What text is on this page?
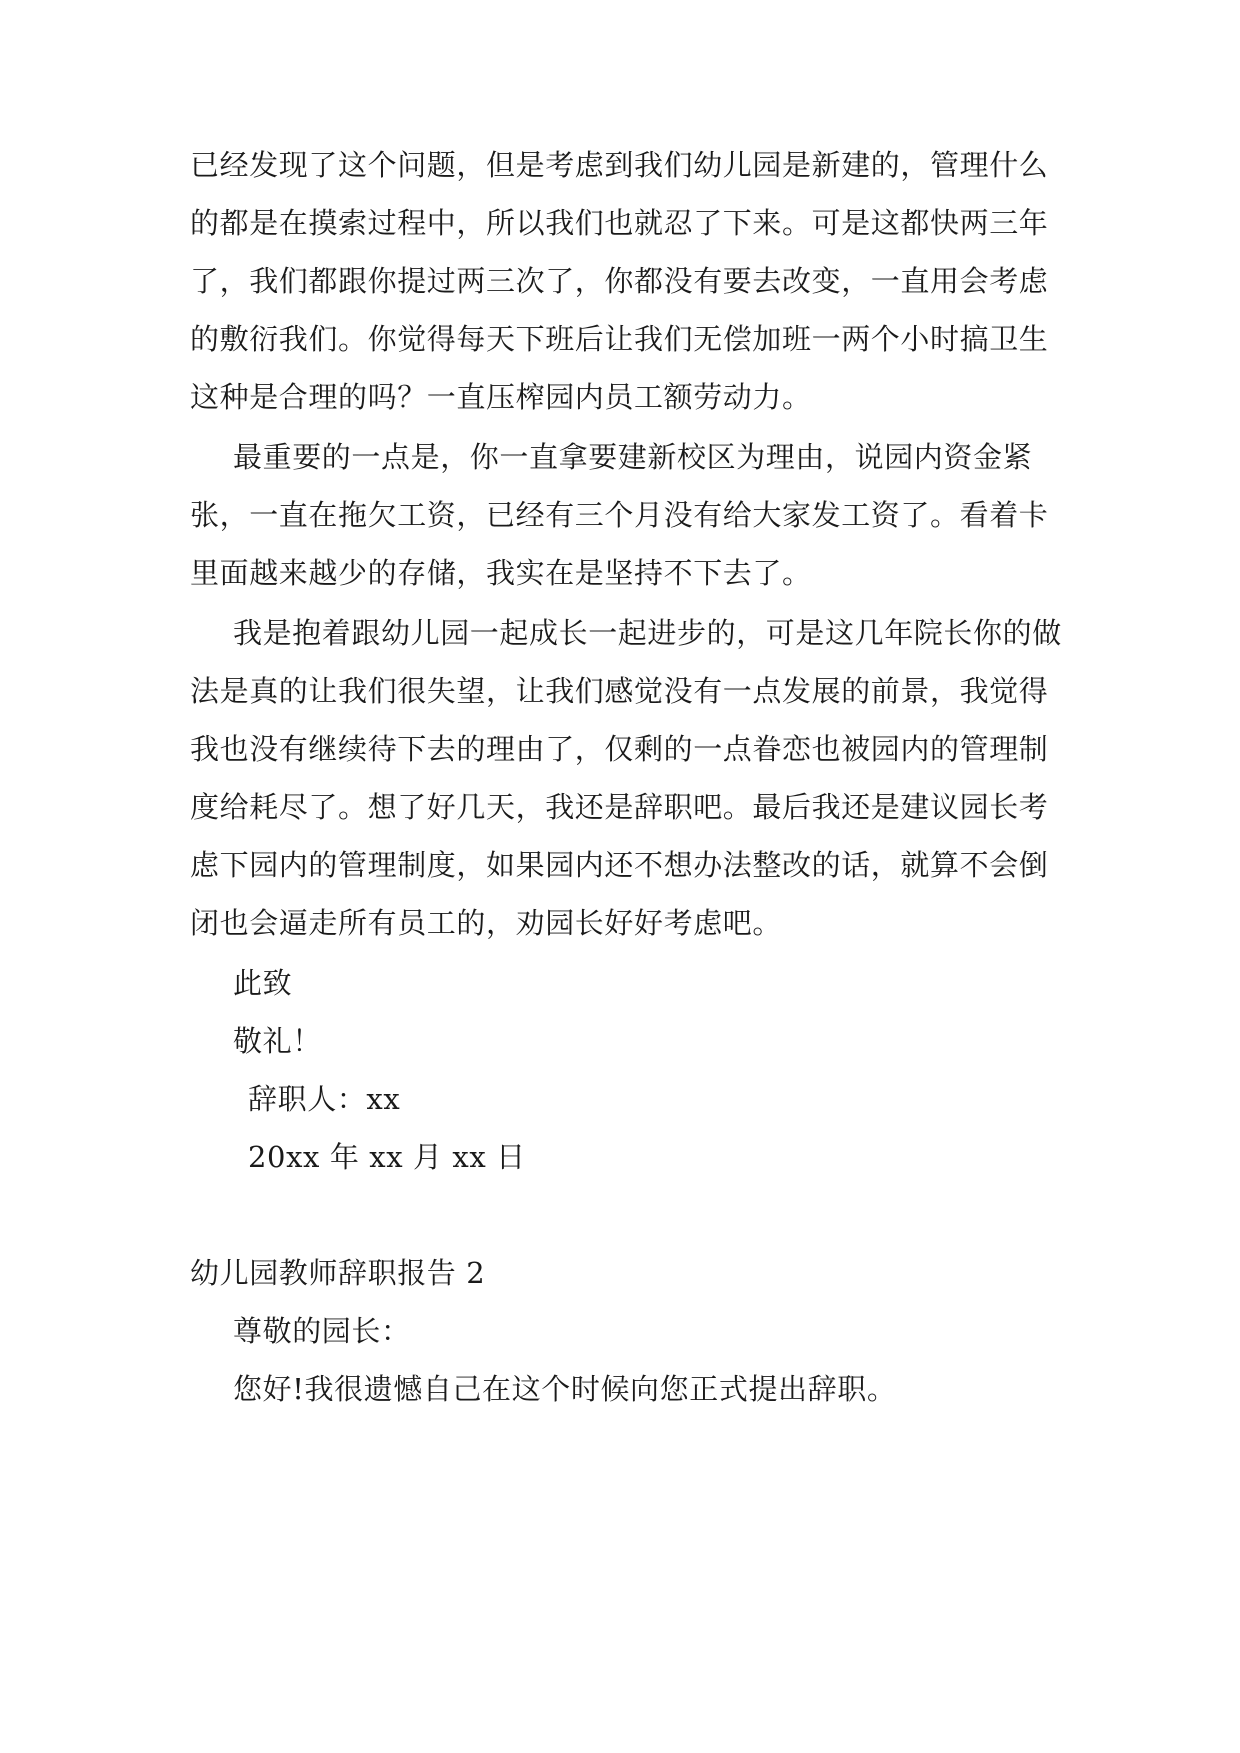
已经发现了这个问题，但是考虑到我们幼儿园是新建的，管理什么
的都是在摸索过程中，所以我们也就忍了下来。可是这都快两三年
了，我们都跟你提过两三次了，你都没有要去改变，一直用会考虑
的敷衍我们。你觉得每天下班后让我们无偿加班一两个小时搞卫生
这种是合理的吗？一直压榨园内员工额劳动力。
最重要的一点是，你一直拿要建新校区为理由，说园内资金紧
张，一直在拖欠工资，已经有三个月没有给大家发工资了。看着卡
里面越来越少的存储，我实在是坚持不下去了。
我是抱着跟幼儿园一起成长一起进步的，可是这几年院长你的做
法是真的让我们很失望，让我们感觉没有一点发展的前景，我觉得
我也没有继续待下去的理由了，仅剩的一点眷恋也被园内的管理制
度给耗尽了。想了好几天，我还是辞职吧。最后我还是建议园长考
虑下园内的管理制度，如果园内还不想办法整改的话，就算不会倒
闭也会逼走所有员工的，劝园长好好考虑吧。
此致
敬礼！
辞职人：xx
20xx 年 xx 月 xx 日
幼儿园教师辞职报告 2
尊敬的园长：
您好!我很遗憾自己在这个时候向您正式提出辞职。
